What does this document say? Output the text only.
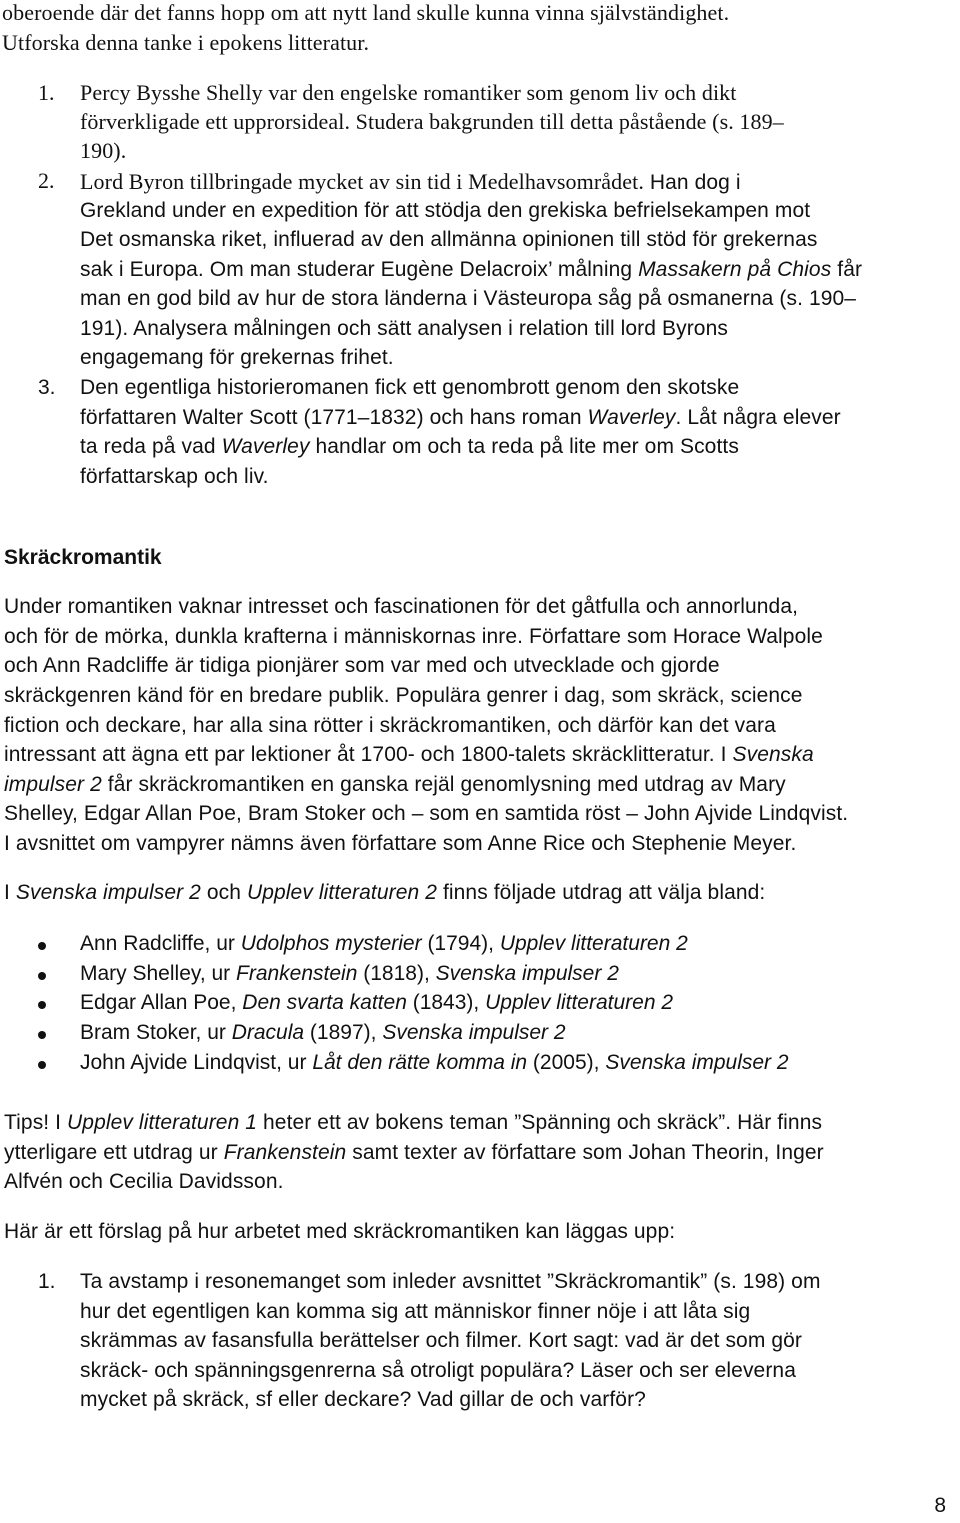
oberoende där det fanns hopp om att nytt land skulle kunna vinna självständighet.
Utforska denna tanke i epokens litteratur.
1. Percy Bysshe Shelly var den engelske romantiker som genom liv och dikt
förverkligade ett upprorsideal. Studera bakgrunden till detta påstående (s. 189–
190).
2. Lord Byron tillbringade mycket av sin tid i Medelhavsområdet. Han dog i
Grekland under en expedition för att stödja den grekiska befrielsekampen mot
Det osmanska riket, influerad av den allmänna opinionen till stöd för grekernas
sak i Europa. Om man studerar Eugène Delacroix’ målning Massakern på Chios får
man en god bild av hur de stora länderna i Västeuropa såg på osmanerna (s. 190–
191). Analysera målningen och sätt analysen i relation till lord Byrons
engagemang för grekernas frihet.
3. Den egentliga historieromanen fick ett genombrott genom den skotske
författaren Walter Scott (1771–1832) och hans roman Waverley. Låt några elever
ta reda på vad Waverley handlar om och ta reda på lite mer om Scotts
författarskap och liv.
Skräckromantik
Under romantiken vaknar intresset och fascinationen för det gåtfulla och annorlunda,
och för de mörka, dunkla krafterna i människornas inre. Författare som Horace Walpole
och Ann Radcliffe är tidiga pionjärer som var med och utvecklade och gjorde
skräckgenren känd för en bredare publik. Populära genrer i dag, som skräck, science
fiction och deckare, har alla sina rötter i skräckromantiken, och därför kan det vara
intressant att ägna ett par lektioner åt 1700- och 1800-talets skräcklitteratur. I Svenska
impulser 2 får skräckromantiken en ganska rejäl genomlysning med utdrag av Mary
Shelley, Edgar Allan Poe, Bram Stoker och – som en samtida röst – John Ajvide Lindqvist.
I avsnittet om vampyrer nämns även författare som Anne Rice och Stephenie Meyer.
I Svenska impulser 2 och Upplev litteraturen 2 finns följade utdrag att välja bland:
Ann Radcliffe, ur Udolphos mysterier (1794), Upplev litteraturen 2
Mary Shelley, ur Frankenstein (1818), Svenska impulser 2
Edgar Allan Poe, Den svarta katten (1843), Upplev litteraturen 2
Bram Stoker, ur Dracula (1897), Svenska impulser 2
John Ajvide Lindqvist, ur Låt den rätte komma in (2005), Svenska impulser 2
Tips! I Upplev litteraturen 1 heter ett av bokens teman ”Spänning och skräck”. Här finns
ytterligare ett utdrag ur Frankenstein samt texter av författare som Johan Theorin, Inger
Alfvén och Cecilia Davidsson.
Här är ett förslag på hur arbetet med skräckromantiken kan läggas upp:
1. Ta avstamp i resonemanget som inleder avsnittet ”Skräckromantik” (s. 198) om
hur det egentligen kan komma sig att människor finner nöje i att låta sig
skrämmas av fasansfulla berättelser och filmer. Kort sagt: vad är det som gör
skräck- och spänningsgenrerna så otroligt populära? Läser och ser eleverna
mycket på skräck, sf eller deckare? Vad gillar de och varför?
8
